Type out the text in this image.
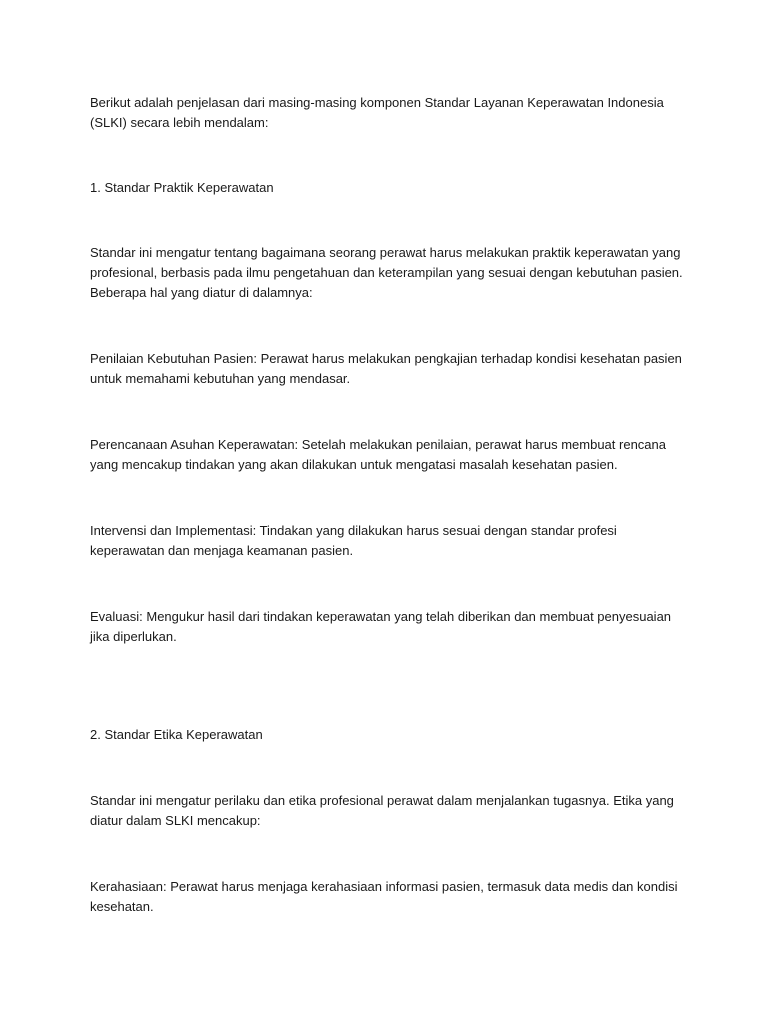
Berikut adalah penjelasan dari masing-masing komponen Standar Layanan Keperawatan Indonesia (SLKI) secara lebih mendalam:

1. Standar Praktik Keperawatan

Standar ini mengatur tentang bagaimana seorang perawat harus melakukan praktik keperawatan yang profesional, berbasis pada ilmu pengetahuan dan keterampilan yang sesuai dengan kebutuhan pasien. Beberapa hal yang diatur di dalamnya:

Penilaian Kebutuhan Pasien: Perawat harus melakukan pengkajian terhadap kondisi kesehatan pasien untuk memahami kebutuhan yang mendasar.

Perencanaan Asuhan Keperawatan: Setelah melakukan penilaian, perawat harus membuat rencana yang mencakup tindakan yang akan dilakukan untuk mengatasi masalah kesehatan pasien.

Intervensi dan Implementasi: Tindakan yang dilakukan harus sesuai dengan standar profesi keperawatan dan menjaga keamanan pasien.

Evaluasi: Mengukur hasil dari tindakan keperawatan yang telah diberikan dan membuat penyesuaian jika diperlukan.

2. Standar Etika Keperawatan

Standar ini mengatur perilaku dan etika profesional perawat dalam menjalankan tugasnya. Etika yang diatur dalam SLKI mencakup:

Kerahasiaan: Perawat harus menjaga kerahasiaan informasi pasien, termasuk data medis dan kondisi kesehatan.
